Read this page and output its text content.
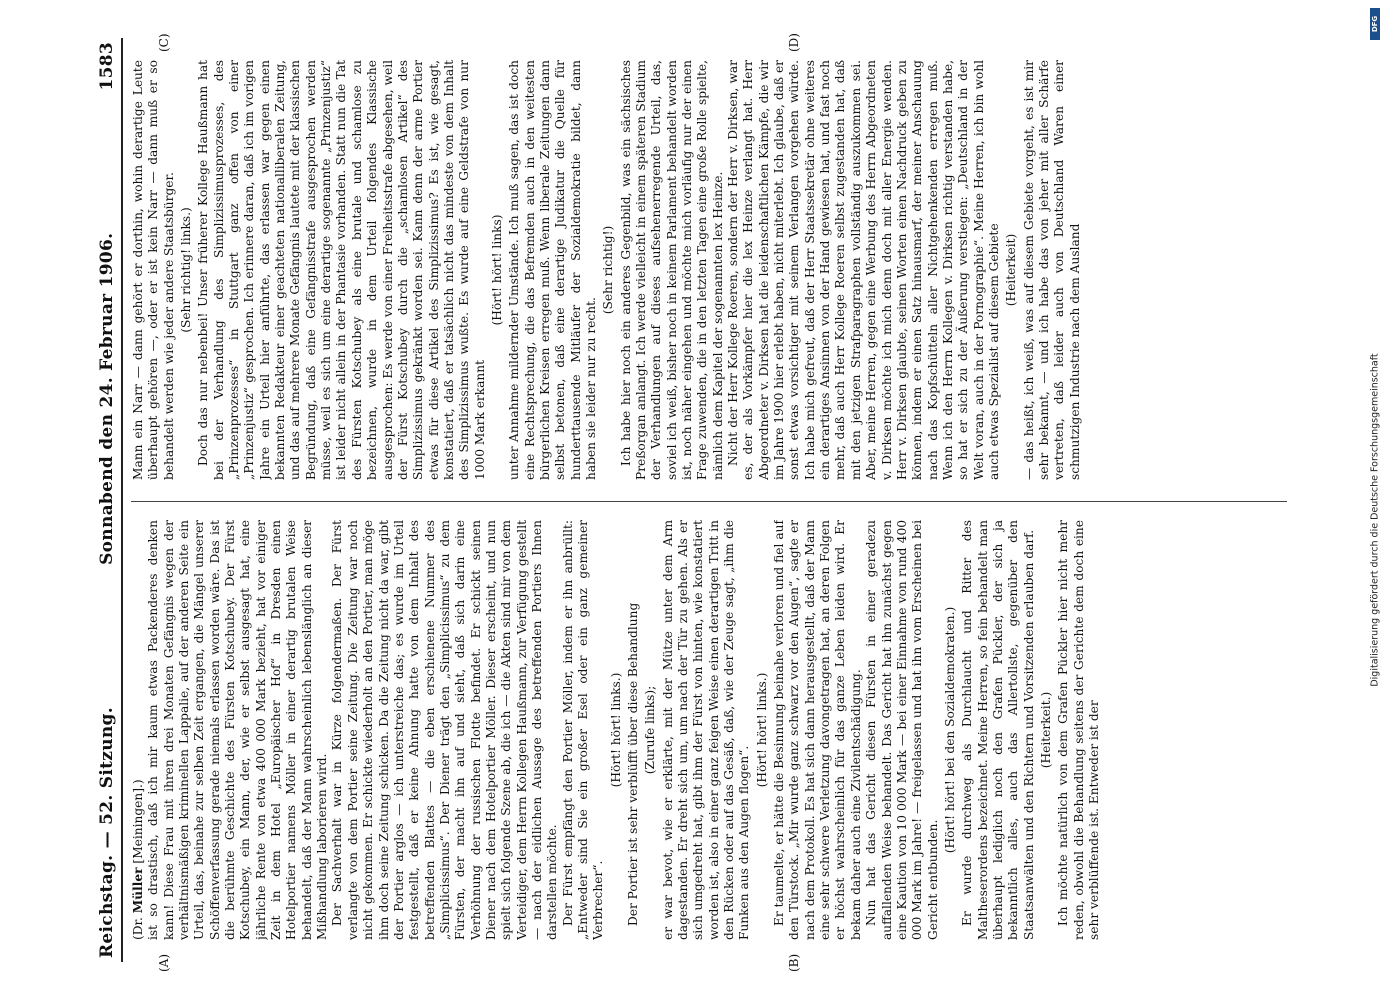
Reichstag. — 52. Sitzung.
Sonnabend den 24. Februar 1906.
1583
(A)	(B)
(C)	(D)

(Dr. Müller [Meiningen].) ist so drastisch, daß ich mir kaum etwas Packenderes denken kann! Diese Frau mit ihren drei Monaten Gefängnis wegen der verhältnismäßigen kriminellen Lappalie, auf der anderen Seite ein Urteil, das, beinahe zur selben Zeit ergangen, die Mängel unserer Schöffenverfassung gerade niemals erlassen worden wäre. Das ist die berühmte Geschichte des Fürsten Kotschubey. Der Fürst Kotschubey, ein Mann, der, wie er selbst ausgesagt hat, eine jährliche Rente von etwa 400 000 Mark bezieht, hat vor einiger Zeit in dem Hotel „Europäischer Hof“ in Dresden einen Hotelportier namens Möller in einer derartig brutalen Weise behandelt, daß der Mann wahrscheinlich lebenslänglich an dieser Mißhandlung laborieren wird. Der Sachverhalt war in Kürze folgendermaßen. Der Fürst verlangte von dem Portier seine Zeitung. Die Zeitung war noch nicht gekommen. Er schickte wiederholt an den Portier, man möge ihm doch seine Zeitung schicken. Da die Zeitung nicht da war, gibt der Portier arglos — ich unterstreiche das; es wurde im Urteil festgestellt, daß er keine Ahnung hatte von dem Inhalt des betreffenden Blattes — die eben erschienene Nummer des „Simplicissimus“. Der Diener trägt den „Simplicissimus“ zu dem Fürsten, der macht ihn auf und sieht, daß sich darin eine Verhöhnung der russischen Flotte befindet. Er schickt seinen Diener nach dem Hotelportier Möller. Dieser erscheint, und nun spielt sich folgende Szene ab, die ich — die Akten sind mir von dem Verteidiger, dem Herrn Kollegen Haußmann, zur Verfügung gestellt — nach der eidlichen Aussage des betreffenden Portiers Ihnen darstellen möchte. Der Fürst empfängt den Portier Möller, indem er ihn anbrüllt: „Entweder sind Sie ein großer Esel oder ein ganz gemeiner Verbrecher“.

(Hört! hört! links.) Der Portier ist sehr verblüfft über diese Behandlung (Zurufe links); er war bevot, wie er erklärte, mit der Mütze unter dem Arm dagestanden. Er dreht sich um, um nach der Tür zu gehen. Als er sich umgedreht hat, gibt ihm der Fürst von hinten, wie konstatiert worden ist, also in einer ganz feigen Weise einen derartigen Tritt in den Rücken oder auf das Gesäß, daß, wie der Zeuge sagt, „ihm die Funken aus den Augen flogen“.

(Hört! hört! links.) Er taumelte, er hätte die Besinnung beinahe verloren und fiel auf den Türstock. „Mir wurde ganz schwarz vor den Augen“, sagte er nach dem Protokoll. Es hat sich dann herausgestellt, daß der Mann eine sehr schwere Verletzung davongetragen hat, an deren Folgen er höchst wahrscheinlich für das ganze Leben leiden wird. Er bekam daher auch eine Zivilentschädigung. Nun hat das Gericht diesen Fürsten in einer geradezu auffallenden Weise behandelt. Das Gericht hat ihn zunächst gegen eine Kaution von 10 000 Mark — bei einer Einnahme von rund 400 000 Mark im Jahre! — freigelassen und hat ihn vom Erscheinen bei Gericht entbunden.

(Hört! hört! bei den Sozialdemokraten.) Er wurde durchweg als Durchlaucht und Ritter des Maltheserordens bezeichnet. Meine Herren, so fein behandelt man überhaupt lediglich noch den Grafen Pückler, der sich ja bekanntlich alles, auch das Allertollste, gegenüber den Staatsanwälten und den Richtern und Vorsitzenden erlauben darf. (Heiterkeit.) Ich möchte natürlich von dem Grafen Pückler hier nicht mehr reden, obwohl die Behandlung seitens der Gerichte dem doch eine sehr verblüffende ist. Entweder ist der

Mann ein Narr — dann gehört er dorthin, wohin derartige Leute überhaupt gehören —, oder er ist kein Narr — dann muß er so behandelt werden wie jeder andere Staatsbürger. (Sehr richtig! links.) Doch das nur nebenbei! Unser früherer Kollege Haußmann hat bei der Verhandlung des Simplizissimusprozesses, des „Prinzenprozesses“ in Stuttgart ganz offen von einer „Prinzenjustiz“ gesprochen. Ich erinnere daran, daß ich im vorigen Jahre ein Urteil hier anführte, das erlassen war gegen einen bekannten Redakteur einer geachteten nationalliberalen Zeitung, und das auf mehrere Monate Gefängnis lautete mit der klassischen Begründung, daß eine Gefängnisstrafe ausgesprochen werden müsse, weil es sich um eine derartige sogenannte „Prinzenjustiz“ ist leider nicht allein in der Phantasie vorhanden. Statt nun die Tat des Fürsten Kotschubey als eine brutale und schamlose zu bezeichnen, wurde in dem Urteil folgendes Klassische ausgesprochen: Es werde von einer Freiheitsstrafe abgesehen, weil der Fürst Kotschubey durch die „schamlosen Artikel“ des Simplizissimus gekränkt worden sei. Kann denn der arme Portier etwas für diese Artikel des Simplizissimus? Es ist, wie gesagt, konstatiert, daß er tatsächlich nicht das mindeste von dem Inhalt des Simplizissimus wußte. Es wurde auf eine Geldstrafe von nur 1000 Mark erkannt

(Hört! hört! links) unter Annahme mildernder Umstände. Ich muß sagen, das ist doch eine Rechtsprechung, die das Befremden auch in den weitesten bürgerlichen Kreisen erregen muß. Wenn liberale Zeitungen dann selbst betonen, daß eine derartige Judikatur die Quelle für hunderttausende Mitläufer der Sozialdemokratie bildet, dann haben sie leider nur zu recht.

(Sehr richtig!) Ich habe hier noch ein anderes Gegenbild, was ein sächsisches Preßorgan anlangt. Ich werde vielleicht in einem späteren Stadium der Verhandlungen auf dieses aufsehenerregende Urteil, das, soviel ich weiß, bisher noch in keinem Parlament behandelt worden ist, noch näher eingehen und möchte mich vorläufig nur der einen Frage zuwenden, die in den letzten Tagen eine große Rolle spielte, nämlich dem Kapitel der sogenannten lex Heinze. Nicht der Herr Kollege Roeren, sondern der Herr v. Dirksen, war es, der als Vorkämpfer hier die lex Heinze verlangt hat. Herr Abgeordneter v. Dirksen hat die leidenschaftlichen Kämpfe, die wir im Jahre 1900 hier erlebt haben, nicht miterlebt. Ich glaube, daß er sonst etwas vorsichtiger mit seinem Verlangen vorgehen würde. Ich habe mich gefreut, daß der Herr Staatssekretär ohne weiteres ein derartiges Ansinnen von der Hand gewiesen hat, und fast noch mehr, daß auch Herr Kollege Roeren selbst zugestanden hat, daß mit den jetzigen Strafparagraphen vollständig auszukommen sei. Aber, meine Herren, gegen eine Werbung des Herrn Abgeordneten v. Dirksen möchte ich mich denn doch mit aller Energie wenden. Herr v. Dirksen glaubte, seinen Worten einen Nachdruck geben zu können, indem er einen Satz hinausmarf, der meiner Anschauung nach das Kopfschütteln aller Nichtgehenkenden erregen muß. Wenn ich den Herrn Kollegen v. Dirksen richtig verstanden habe, so hat er sich zu der Äußerung verstiegen: „Deutschland in der Welt voran, auch in der Pornographie“. Meine Herren, ich bin wohl auch etwas Spezialist auf diesem Gebiete (Heiterkeit) — das heißt, ich weiß, was auf diesem Gebiete vorgeht, es ist mir sehr bekannt, — und ich habe das von jeher mit aller Schärfe vertreten, daß leider auch von Deutschland Waren einer schmutzigen Industrie nach dem Ausland

DFG
Digitalisierung gefördert durch die Deutsche Forschungsgemeinschaft
